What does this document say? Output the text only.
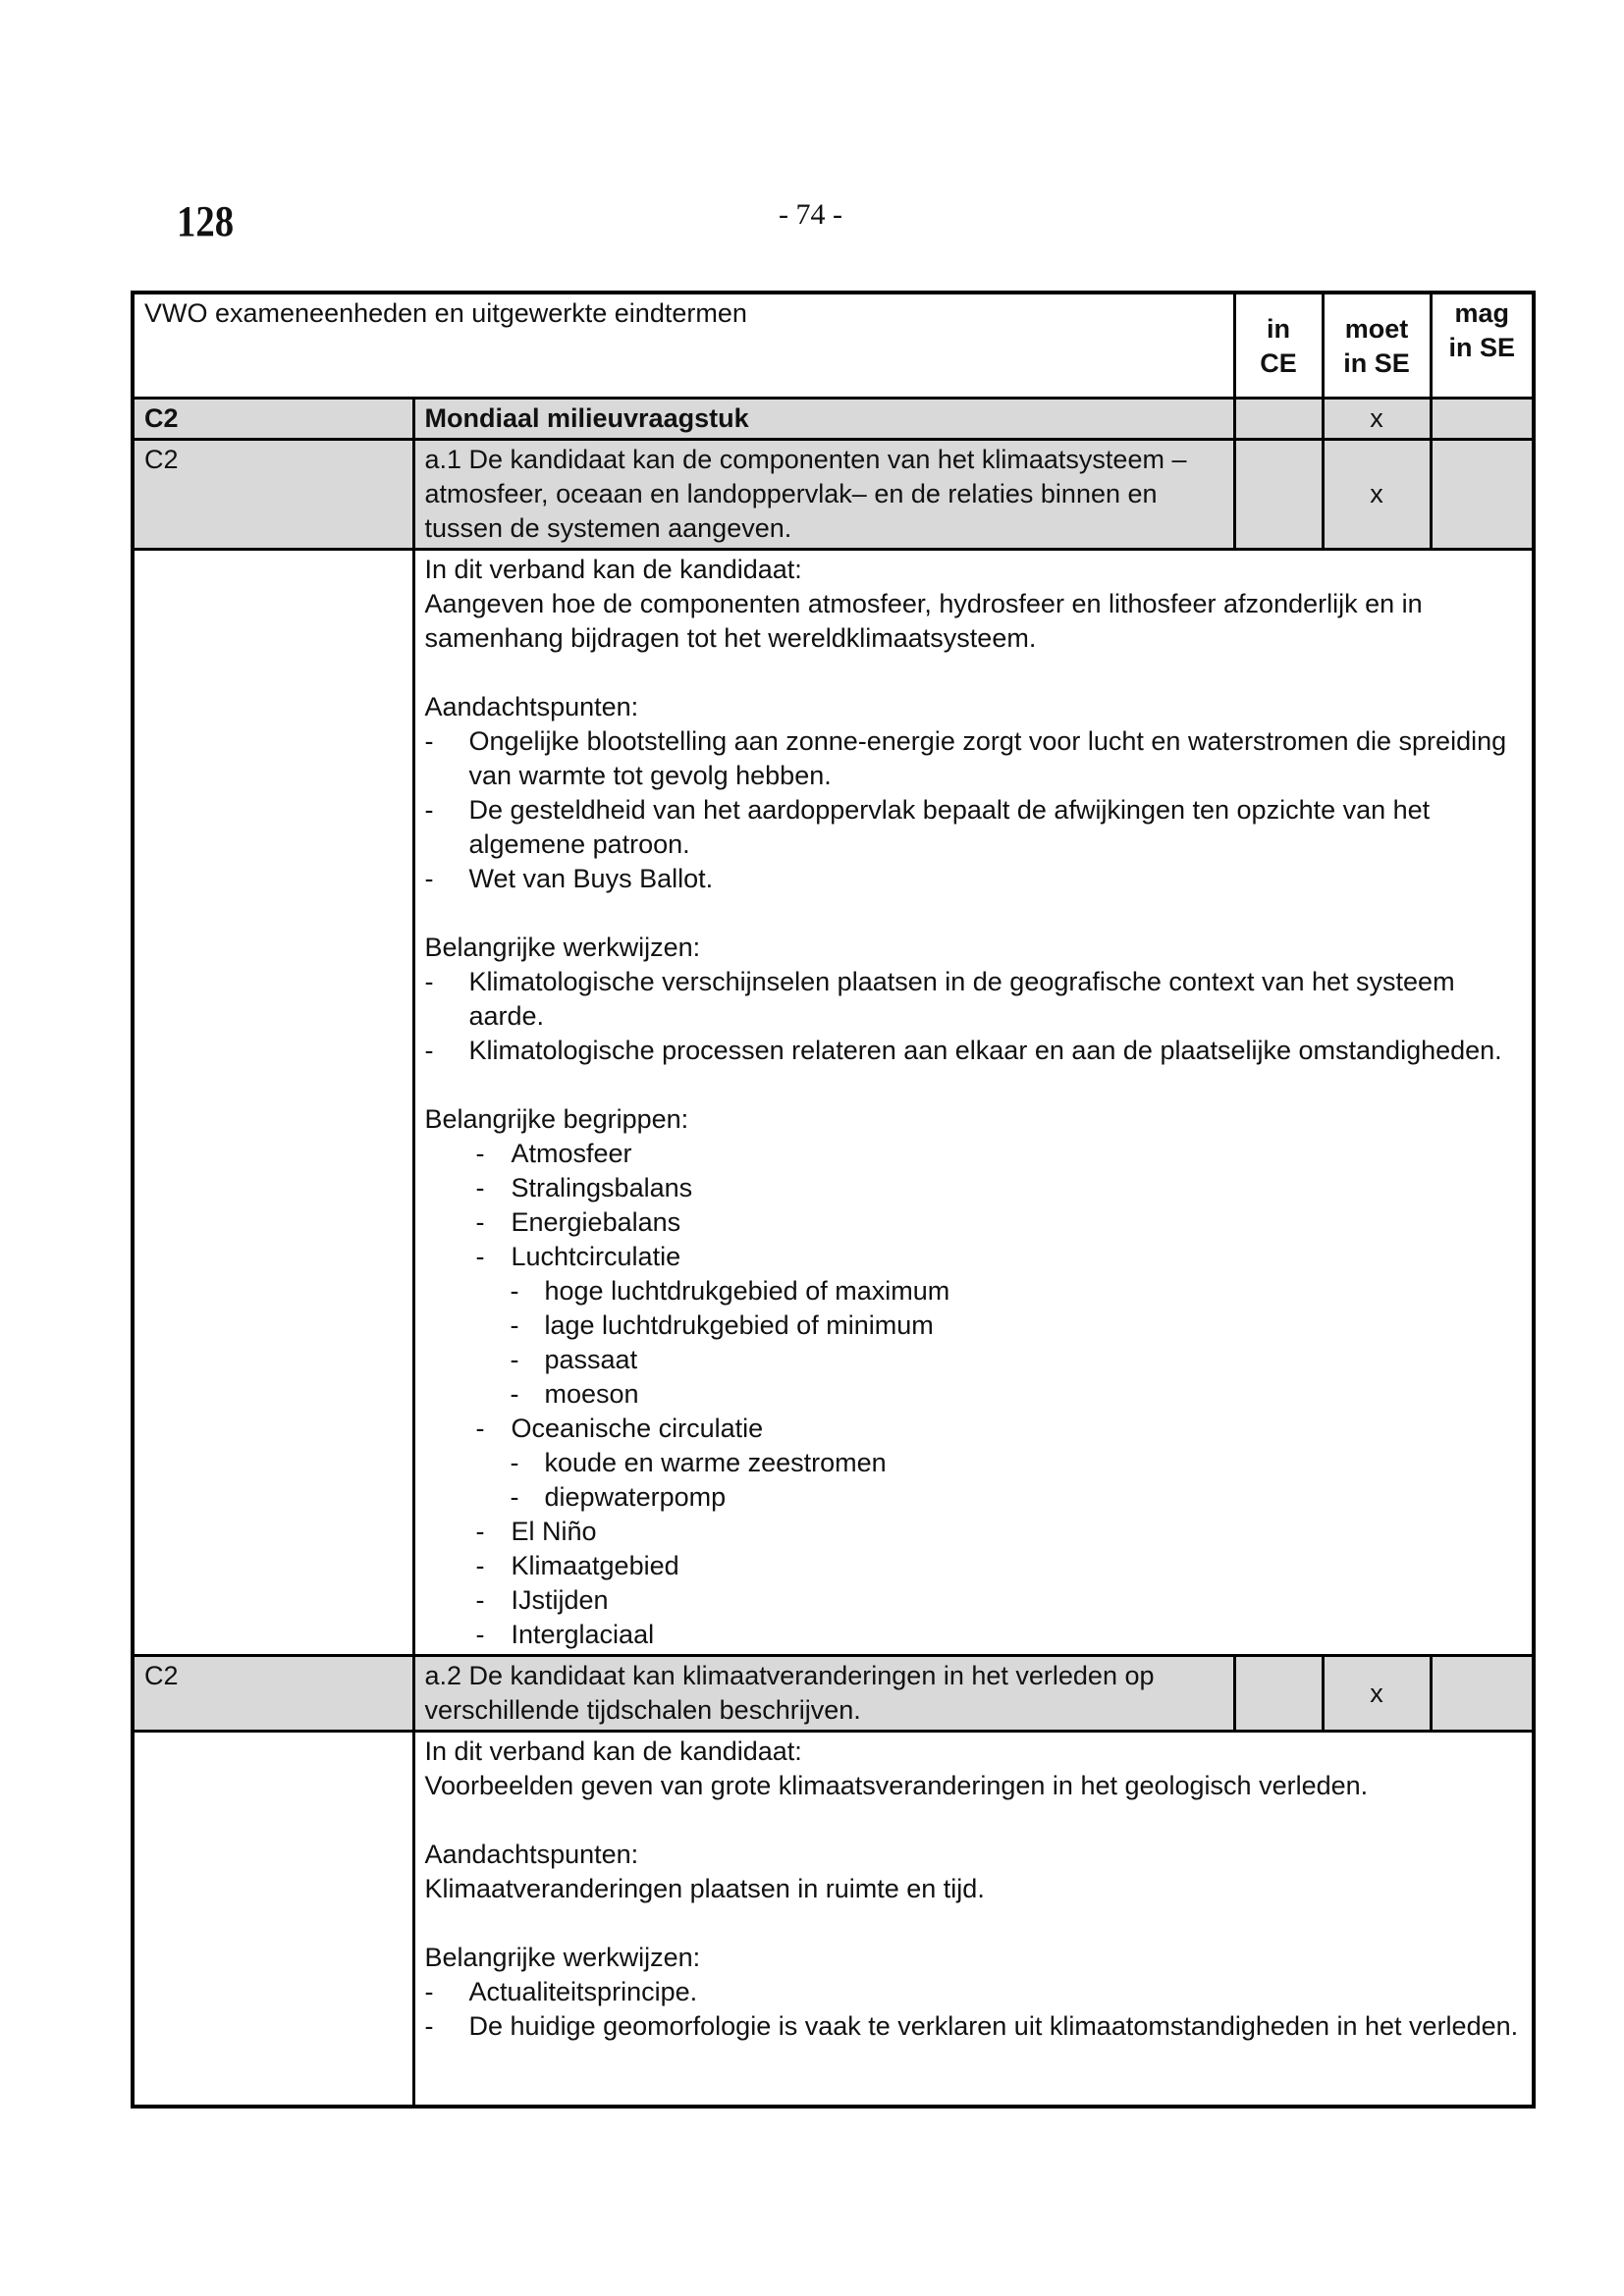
128	- 74 -
VWO exameneenheden en uitgewerkte eindtermen		in CE	moet in SE	mag in SE
C2	Mondiaal milieuvraagstuk		x	
C2	a.1 De kandidaat kan de componenten van het klimaatsysteem –atmosfeer, oceaan en landoppervlak– en de relaties binnen en tussen de systemen aangeven.		x	

In dit verband kan de kandidaat:

Aangeven hoe de componenten atmosfeer, hydrosfeer en lithosfeer afzonderlijk en in samenhang bijdragen tot het wereldklimaatsysteem.

Aandachtspunten:

- Ongelijke blootstelling aan zonne-energie zorgt voor lucht en waterstromen die spreiding van warmte tot gevolg hebben.
- De gesteldheid van het aardoppervlak bepaalt de afwijkingen ten opzichte van het algemene patroon.
- Wet van Buys Ballot.

Belangrijke werkwijzen:

- Klimatologische verschijnselen plaatsen in de geografische context van het systeem aarde.
- Klimatologische processen relateren aan elkaar en aan de plaatselijke omstandigheden.

Belangrijke begrippen:

- Atmosfeer
- Stralingsbalans
- Energiebalans
- Luchtcirculatie
- hoge luchtdrukgebied of maximum
- lage luchtdrukgebied of minimum
- passaat
- moeson
- Oceanische circulatie
- koude en warme zeestromen
- diepwaterpomp
- El Niño
- Klimaatgebied
- IJstijden
- Interglaciaal

C2	a.2 De kandidaat kan klimaatveranderingen in het verleden op verschillende tijdschalen beschrijven.		x	

In dit verband kan de kandidaat:

Voorbeelden geven van grote klimaatsveranderingen in het geologisch verleden.

Aandachtspunten:

Klimaatveranderingen plaatsen in ruimte en tijd.

Belangrijke werkwijzen:

- Actualiteitsprincipe.
- De huidige geomorfologie is vaak te verklaren uit klimaatomstandigheden in het verleden.
